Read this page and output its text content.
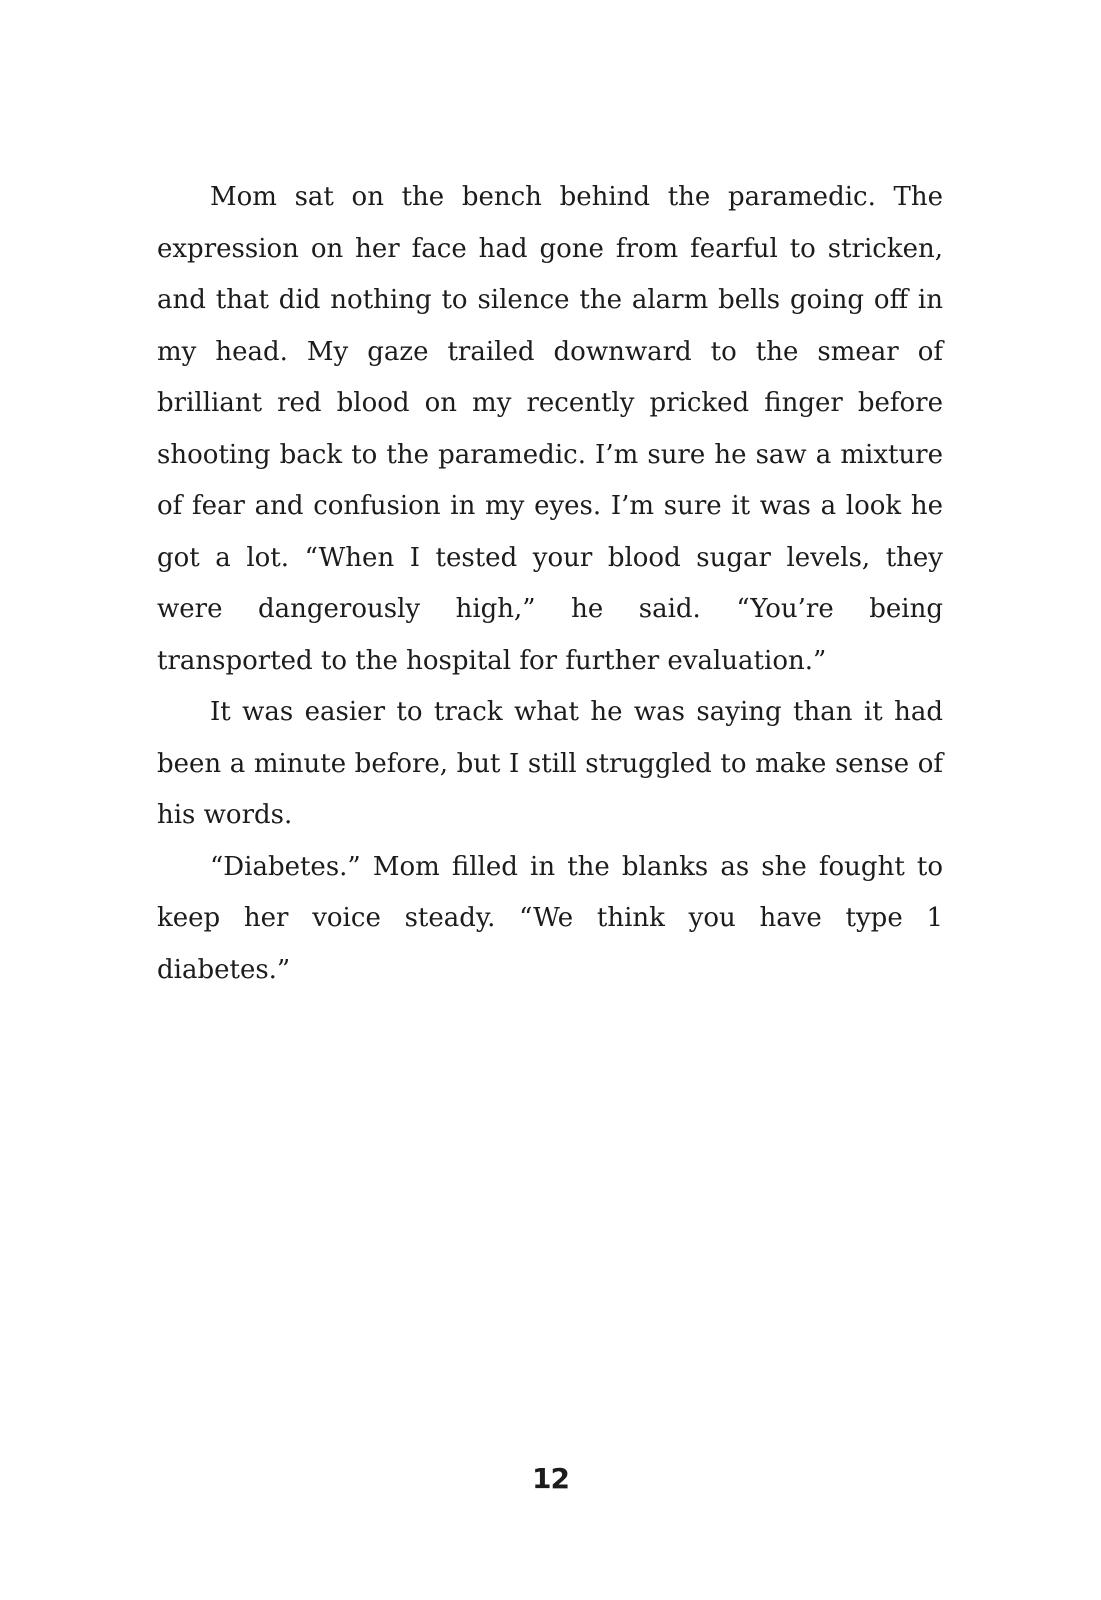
Mom sat on the bench behind the paramedic. The expression on her face had gone from fearful to stricken, and that did nothing to silence the alarm bells going off in my head. My gaze trailed downward to the smear of brilliant red blood on my recently pricked finger before shooting back to the paramedic. I’m sure he saw a mixture of fear and confusion in my eyes. I’m sure it was a look he got a lot. “When I tested your blood sugar levels, they were dangerously high,” he said. “You’re being transported to the hospital for further evaluation.”

It was easier to track what he was saying than it had been a minute before, but I still struggled to make sense of his words.

“Diabetes.” Mom filled in the blanks as she fought to keep her voice steady. “We think you have type 1 diabetes.”

12
